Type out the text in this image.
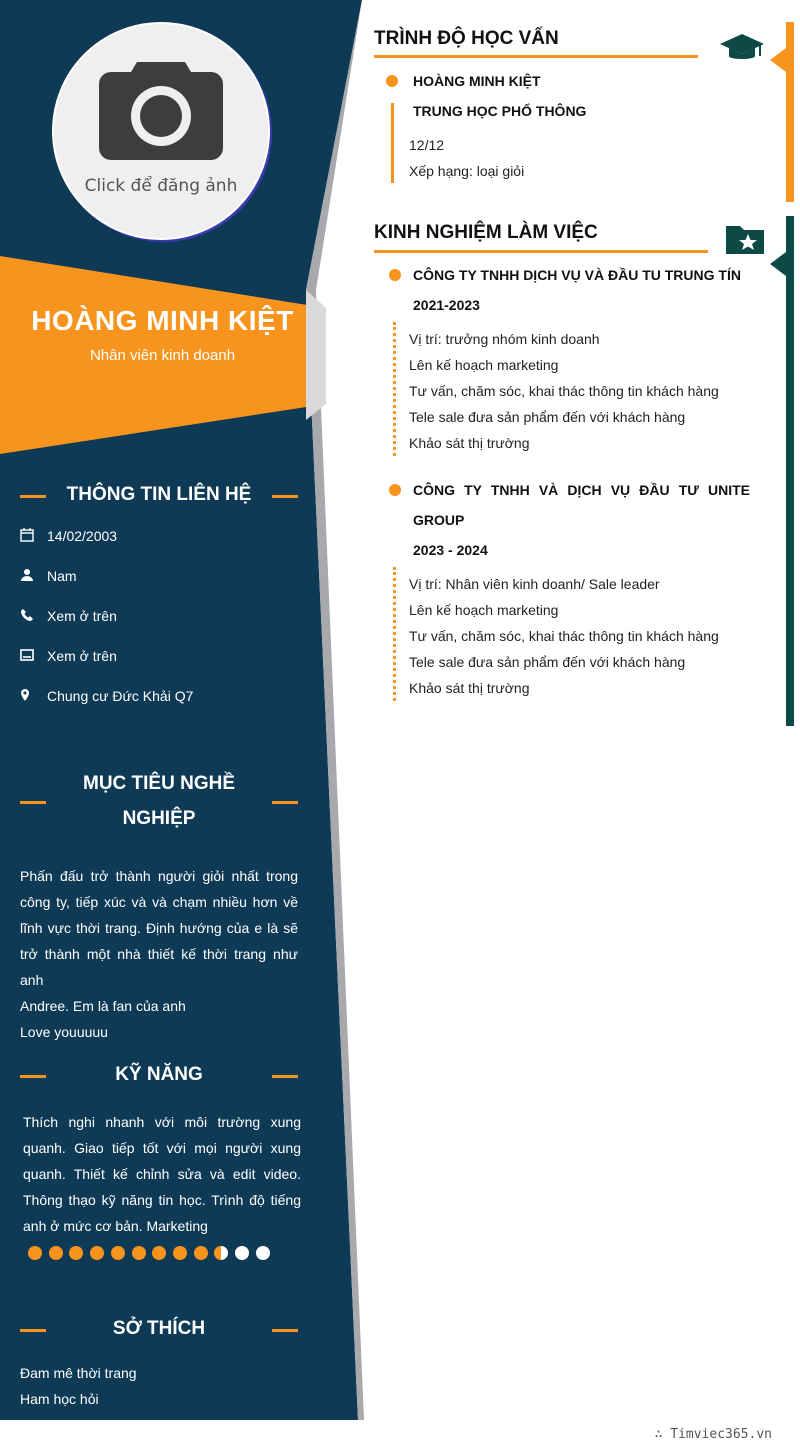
Click để đăng ảnh
HOÀNG MINH KIỆT
Nhân viên kinh doanh
THÔNG TIN LIÊN HỆ
14/02/2003
Nam
Xem ở trên
Xem ở trên
Chung cư Đức Khải Q7
MỤC TIÊU NGHỀ
NGHIỆP
Phấn đấu trở thành người giỏi nhất trong
công ty, tiếp xúc và và chạm nhiều hơn về
lĩnh vực thời trang. Định hướng của e là sẽ
trở thành một nhà thiết kế thời trang như anh
Andree. Em là fan của anh
Love youuuuu
KỸ NĂNG
Thích nghi nhanh với môi trường xung
quanh. Giao tiếp tốt với mọi người xung
quanh. Thiết kế chỉnh sửa và edit video.
Thông thạo kỹ năng tin học. Trình độ tiếng
anh ở mức cơ bản. Marketing
SỞ THÍCH
Đam mê thời trang
Ham học hỏi
TRÌNH ĐỘ HỌC VẤN
HOÀNG MINH KIỆT
TRUNG HỌC PHỔ THÔNG
12/12
Xếp hạng: loại giỏi
KINH NGHIỆM LÀM VIỆC
CÔNG TY TNHH DỊCH VỤ VÀ ĐẦU TU TRUNG TÍN
2021-2023
Vị trí: trưởng nhóm kinh doanh
Lên kế hoạch marketing
Tư vấn, chăm sóc, khai thác thông tin khách hàng
Tele sale đưa sản phẩm đến với khách hàng
Khảo sát thị trường
CÔNG TY TNHH VÀ DỊCH VỤ ĐẦU TƯ UNITE
GROUP
2023 - 2024
Vị trí: Nhân viên kinh doanh/ Sale leader
Lên kế hoạch marketing
Tư vấn, chăm sóc, khai thác thông tin khách hàng
Tele sale đưa sản phẩm đến với khách hàng
Khảo sát thị trường
∴ Timviec365.vn
